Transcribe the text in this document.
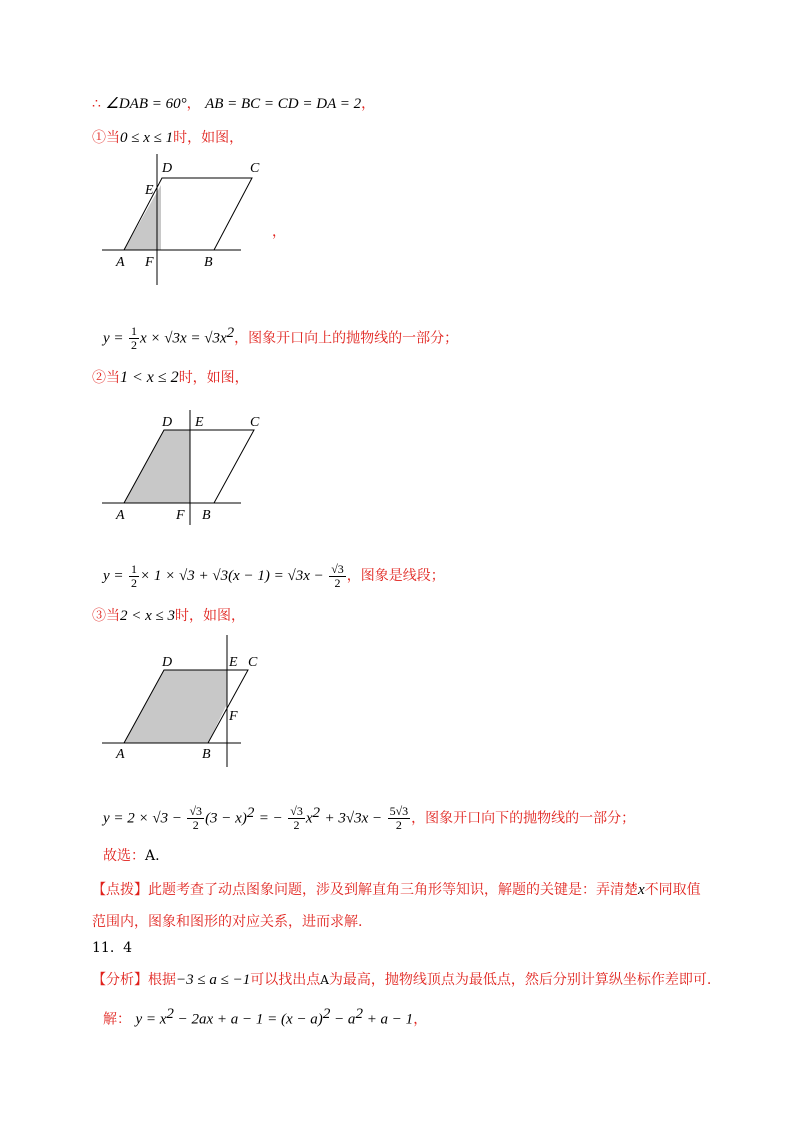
∴ ∠DAB = 60°， AB = BC = CD = DA = 2，
①当0 ≤ x ≤ 1时，如图，
D	C
E
A F	B
，
$y = \frac{1}{2}$ $x \times √3x = √3x^2$，图象开口向上的抛物线的一部分；
②当1 < x ≤ 2时，如图，
D E	C
A	F B
$y = \frac{1}{2} \times 1 \times √3 + √3(x - 1) = √3x - \frac{√3}{2}$ ，图象是线段；
③当2 < x ≤ 3时，如图，
D	E C
F
A	B
$y = 2 \times √3 - \frac{√3}{2} (3 - x)^2$ = − $\frac{√3}{2} x^2 + 3√3x - \frac{5√3}{2}$ ，图象开口向下的抛物线的一部分；
故选：A.
【点拨】此题考查了动点图象问题，涉及到解直角三角形等知识，解题的关键是：弄清楚x不同取值
范围内，图象和图形的对应关系，进而求解.
11. 4
【分析】根据−3 ≤ a ≤ −1可以找出点A为最高，抛物线顶点为最低点，然后分别计算纵坐标作差即可.
解： $y = x^2 - 2ax + a - 1 = (x - a)^2 - a^2 + a - 1$，
